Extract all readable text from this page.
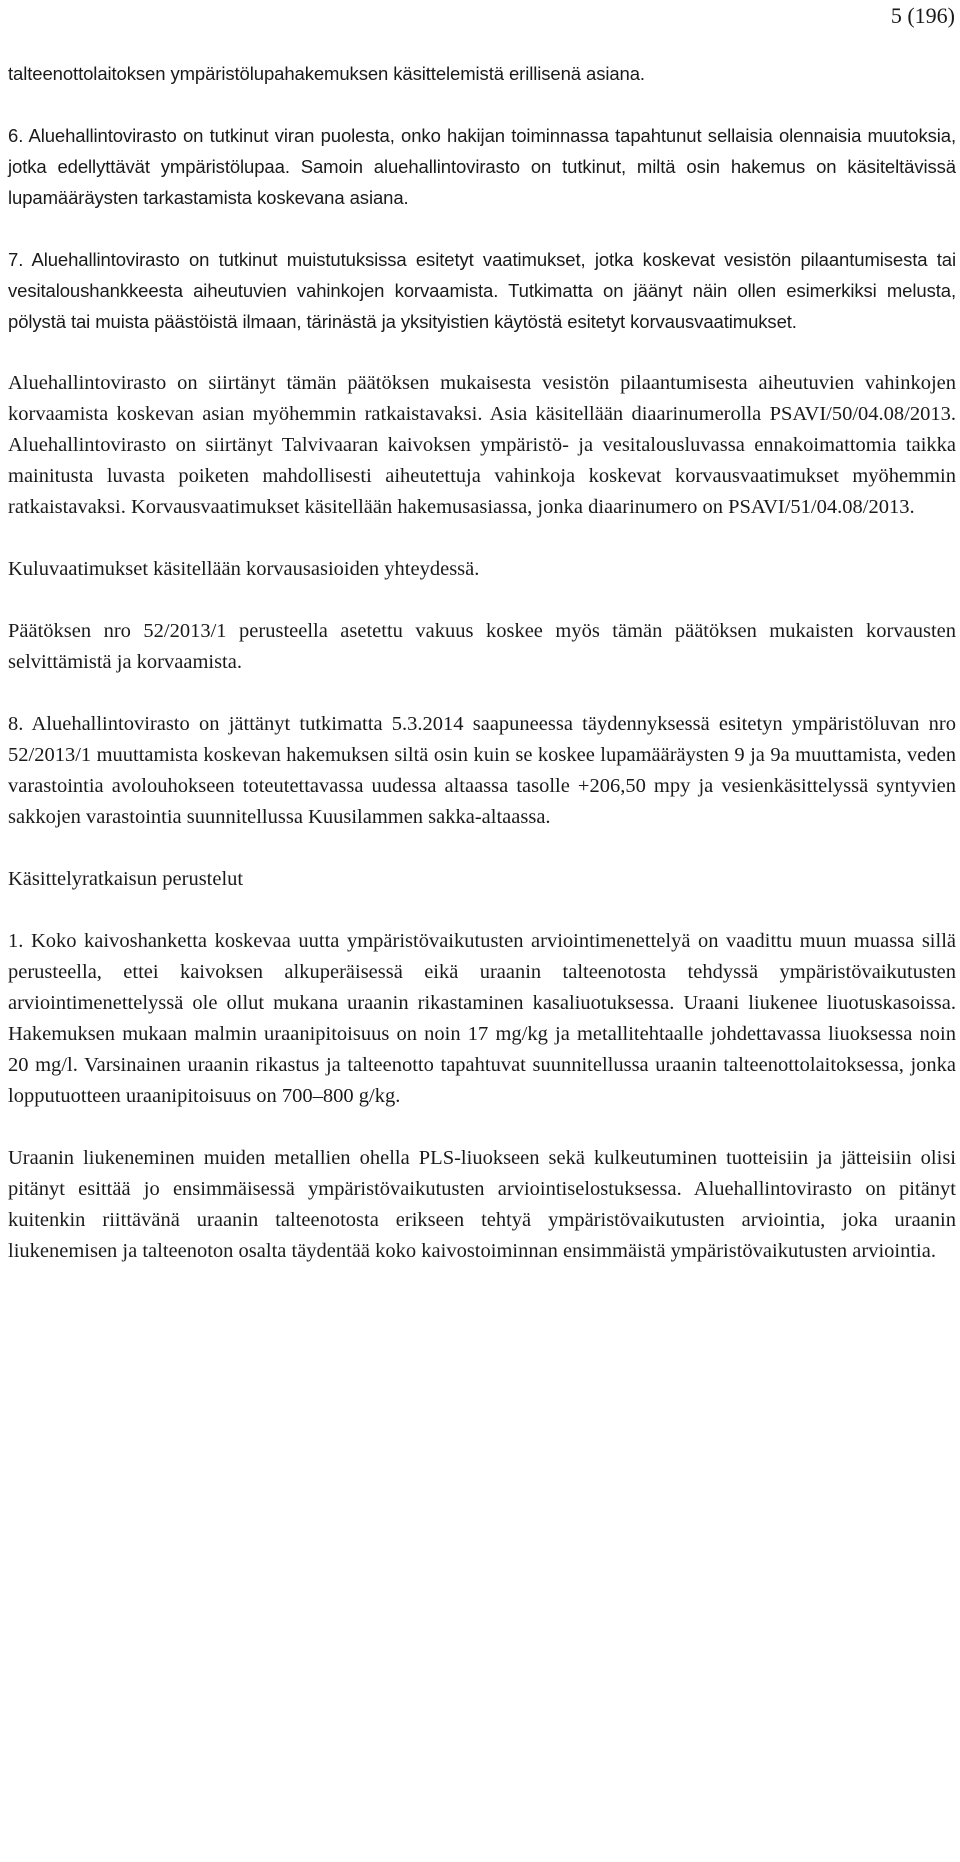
5 (196)

talteenottolaitoksen ympäristölupahakemuksen käsittelemistä erillisenä asiana.

6. Aluehallintovirasto on tutkinut viran puolesta, onko hakijan toiminnassa tapahtunut sellaisia olennaisia muutoksia, jotka edellyttävät ympäristölupaa. Samoin aluehallintovirasto on tutkinut, miltä osin hakemus on käsiteltävissä lupamääräysten tarkastamista koskevana asiana.

7. Aluehallintovirasto on tutkinut muistutuksissa esitetyt vaatimukset, jotka koskevat vesistön pilaantumisesta tai vesitaloushankkeesta aiheutuvien vahinkojen korvaamista. Tutkimatta on jäänyt näin ollen esimerkiksi melusta, pölystä tai muista päästöistä ilmaan, tärinästä ja yksityistien käytöstä esitetyt korvausvaatimukset.

Aluehallintovirasto on siirtänyt tämän päätöksen mukaisesta vesistön pilaantumisesta aiheutuvien vahinkojen korvaamista koskevan asian myöhemmin ratkaistavaksi. Asia käsitellään diaarinumerolla PSAVI/50/04.08/2013. Aluehallintovirasto on siirtänyt Talvivaaran kaivoksen ympäristö- ja vesitalousluvassa ennakoimattomia taikka mainitusta luvasta poiketen mahdollisesti aiheutettuja vahinkoja koskevat korvausvaatimukset myöhemmin ratkaistavaksi. Korvausvaatimukset käsitellään hakemusasiassa, jonka diaarinumero on PSAVI/51/04.08/2013.

Kuluvaatimukset käsitellään korvausasioiden yhteydessä.

Päätöksen nro 52/2013/1 perusteella asetettu vakuus koskee myös tämän päätöksen mukaisten korvausten selvittämistä ja korvaamista.

8. Aluehallintovirasto on jättänyt tutkimatta 5.3.2014 saapuneessa täydennyksessä esitetyn ympäristöluvan nro 52/2013/1 muuttamista koskevan hakemuksen siltä osin kuin se koskee lupamääräysten 9 ja 9a muuttamista, veden varastointia avolouhokseen toteutettavassa uudessa altaassa tasolle +206,50 mpy ja vesienkäsittelyssä syntyvien sakkojen varastointia suunnitellussa Kuusilammen sakka-altaassa.

Käsittelyratkaisun perustelut

1. Koko kaivoshanketta koskevaa uutta ympäristövaikutusten arviointimenettelyä on vaadittu muun muassa sillä perusteella, ettei kaivoksen alkuperäisessä eikä uraanin talteenotosta tehdyssä ympäristövaikutusten arviointimenettelyssä ole ollut mukana uraanin rikastaminen kasaliuotuksessa. Uraani liukenee liuotuskasoissa. Hakemuksen mukaan malmin uraanipitoisuus on noin 17 mg/kg ja metallitehtaalle johdettavassa liuoksessa noin 20 mg/l. Varsinainen uraanin rikastus ja talteenotto tapahtuvat suunnitellussa uraanin talteenottolaitoksessa, jonka lopputuotteen uraanipitoisuus on 700–800 g/kg.

Uraanin liukeneminen muiden metallien ohella PLS-liuokseen sekä kulkeutuminen tuotteisiin ja jätteisiin olisi pitänyt esittää jo ensimmäisessä ympäristövaikutusten arviointiselostuksessa. Aluehallintovirasto on pitänyt kuitenkin riittävänä uraanin talteenotosta erikseen tehtyä ympäristövaikutusten arviointia, joka uraanin liukenemisen ja talteenoton osalta täydentää koko kaivostoiminnan ensimmäistä ympäristövaikutusten arviointia.
